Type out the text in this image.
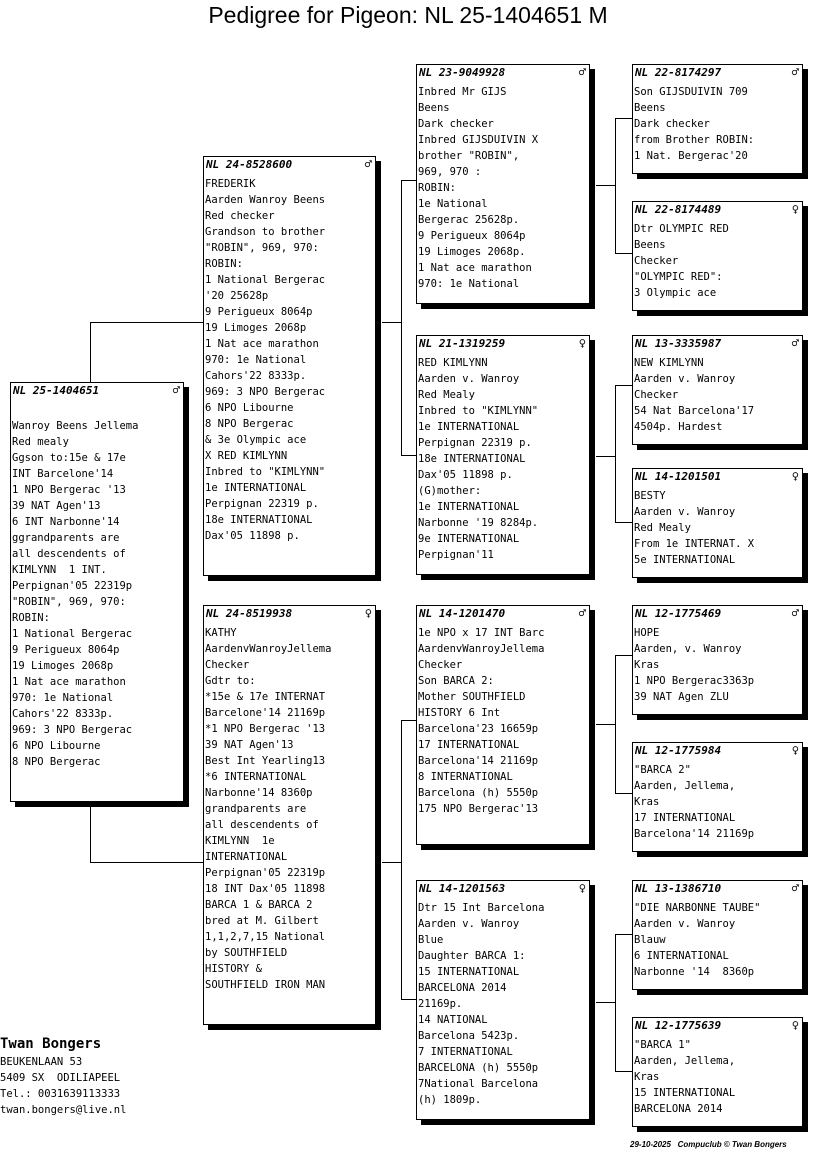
Pedigree for Pigeon: NL 25-1404651 M
NL 25-1404651	♂
Wanroy Beens Jellema
Red mealy
Ggson to:15e & 17e
INT Barcelone'14
1 NPO Bergerac '13
39 NAT Agen'13
6 INT Narbonne'14
ggrandparents are
all descendents of
KIMLYNN  1 INT.
Perpignan'05 22319p
"ROBIN", 969, 970:
ROBIN:
1 National Bergerac
9 Perigueux 8064p
19 Limoges 2068p
1 Nat ace marathon
970: 1e National
Cahors'22 8333p.
969: 3 NPO Bergerac
6 NPO Libourne
8 NPO Bergerac
NL 24-8528600	♂
FREDERIK
Aarden Wanroy Beens
Red checker
Grandson to brother
"ROBIN", 969, 970:
ROBIN:
1 National Bergerac
'20 25628p
9 Perigueux 8064p
19 Limoges 2068p
1 Nat ace marathon
970: 1e National
Cahors'22 8333p.
969: 3 NPO Bergerac
6 NPO Libourne
8 NPO Bergerac
& 3e Olympic ace
X RED KIMLYNN
Inbred to "KIMLYNN"
1e INTERNATIONAL
Perpignan 22319 p.
18e INTERNATIONAL
Dax'05 11898 p.
NL 24-8519938	♀
KATHY
AardenvWanroyJellema
Checker
Gdtr to:
*15e & 17e INTERNAT
Barcelone'14 21169p
*1 NPO Bergerac '13
39 NAT Agen'13
Best Int Yearling13
*6 INTERNATIONAL
Narbonne'14 8360p
grandparents are
all descendents of
KIMLYNN  1e
INTERNATIONAL
Perpignan'05 22319p
18 INT Dax'05 11898
BARCA 1 & BARCA 2
bred at M. Gilbert
1,1,2,7,15 National
by SOUTHFIELD
HISTORY &
SOUTHFIELD IRON MAN
NL 23-9049928	♂
Inbred Mr GIJS
Beens
Dark checker
Inbred GIJSDUIVIN X
brother "ROBIN",
969, 970 :
ROBIN:
1e National
Bergerac 25628p.
9 Perigueux 8064p
19 Limoges 2068p.
1 Nat ace marathon
970: 1e National
NL 21-1319259	♀
RED KIMLYNN
Aarden v. Wanroy
Red Mealy
Inbred to "KIMLYNN"
1e INTERNATIONAL
Perpignan 22319 p.
18e INTERNATIONAL
Dax'05 11898 p.
(G)mother:
1e INTERNATIONAL
Narbonne '19 8284p.
9e INTERNATIONAL
Perpignan'11
NL 14-1201470	♂
1e NPO x 17 INT Barc
AardenvWanroyJellema
Checker
Son BARCA 2:
Mother SOUTHFIELD
HISTORY 6 Int
Barcelona'23 16659p
17 INTERNATIONAL
Barcelona'14 21169p
8 INTERNATIONAL
Barcelona (h) 5550p
175 NPO Bergerac'13
NL 14-1201563	♀
Dtr 15 Int Barcelona
Aarden v. Wanroy
Blue
Daughter BARCA 1:
15 INTERNATIONAL
BARCELONA 2014
21169p.
14 NATIONAL
Barcelona 5423p.
7 INTERNATIONAL
BARCELONA (h) 5550p
7National Barcelona
(h) 1809p.
NL 22-8174297	♂
Son GIJSDUIVIN 709
Beens
Dark checker
from Brother ROBIN:
1 Nat. Bergerac'20
NL 22-8174489	♀
Dtr OLYMPIC RED
Beens
Checker
"OLYMPIC RED":
3 Olympic ace
NL 13-3335987	♂
NEW KIMLYNN
Aarden v. Wanroy
Checker
54 Nat Barcelona'17
4504p. Hardest
NL 14-1201501	♀
BESTY
Aarden v. Wanroy
Red Mealy
From 1e INTERNAT. X
5e INTERNATIONAL
NL 12-1775469	♂
HOPE
Aarden, v. Wanroy
Kras
1 NPO Bergerac3363p
39 NAT Agen ZLU
NL 12-1775984	♀
"BARCA 2"
Aarden, Jellema,
Kras
17 INTERNATIONAL
Barcelona'14 21169p
NL 13-1386710	♂
"DIE NARBONNE TAUBE"
Aarden v. Wanroy
Blauw
6 INTERNATIONAL
Narbonne '14  8360p
NL 12-1775639	♀
"BARCA 1"
Aarden, Jellema,
Kras
15 INTERNATIONAL
BARCELONA 2014
Twan Bongers
BEUKENLAAN 53
5409 SX  ODILIAPEEL
Tel.: 0031639113333
twan.bongers@live.nl
29-10-2025   Compuclub © Twan Bongers
